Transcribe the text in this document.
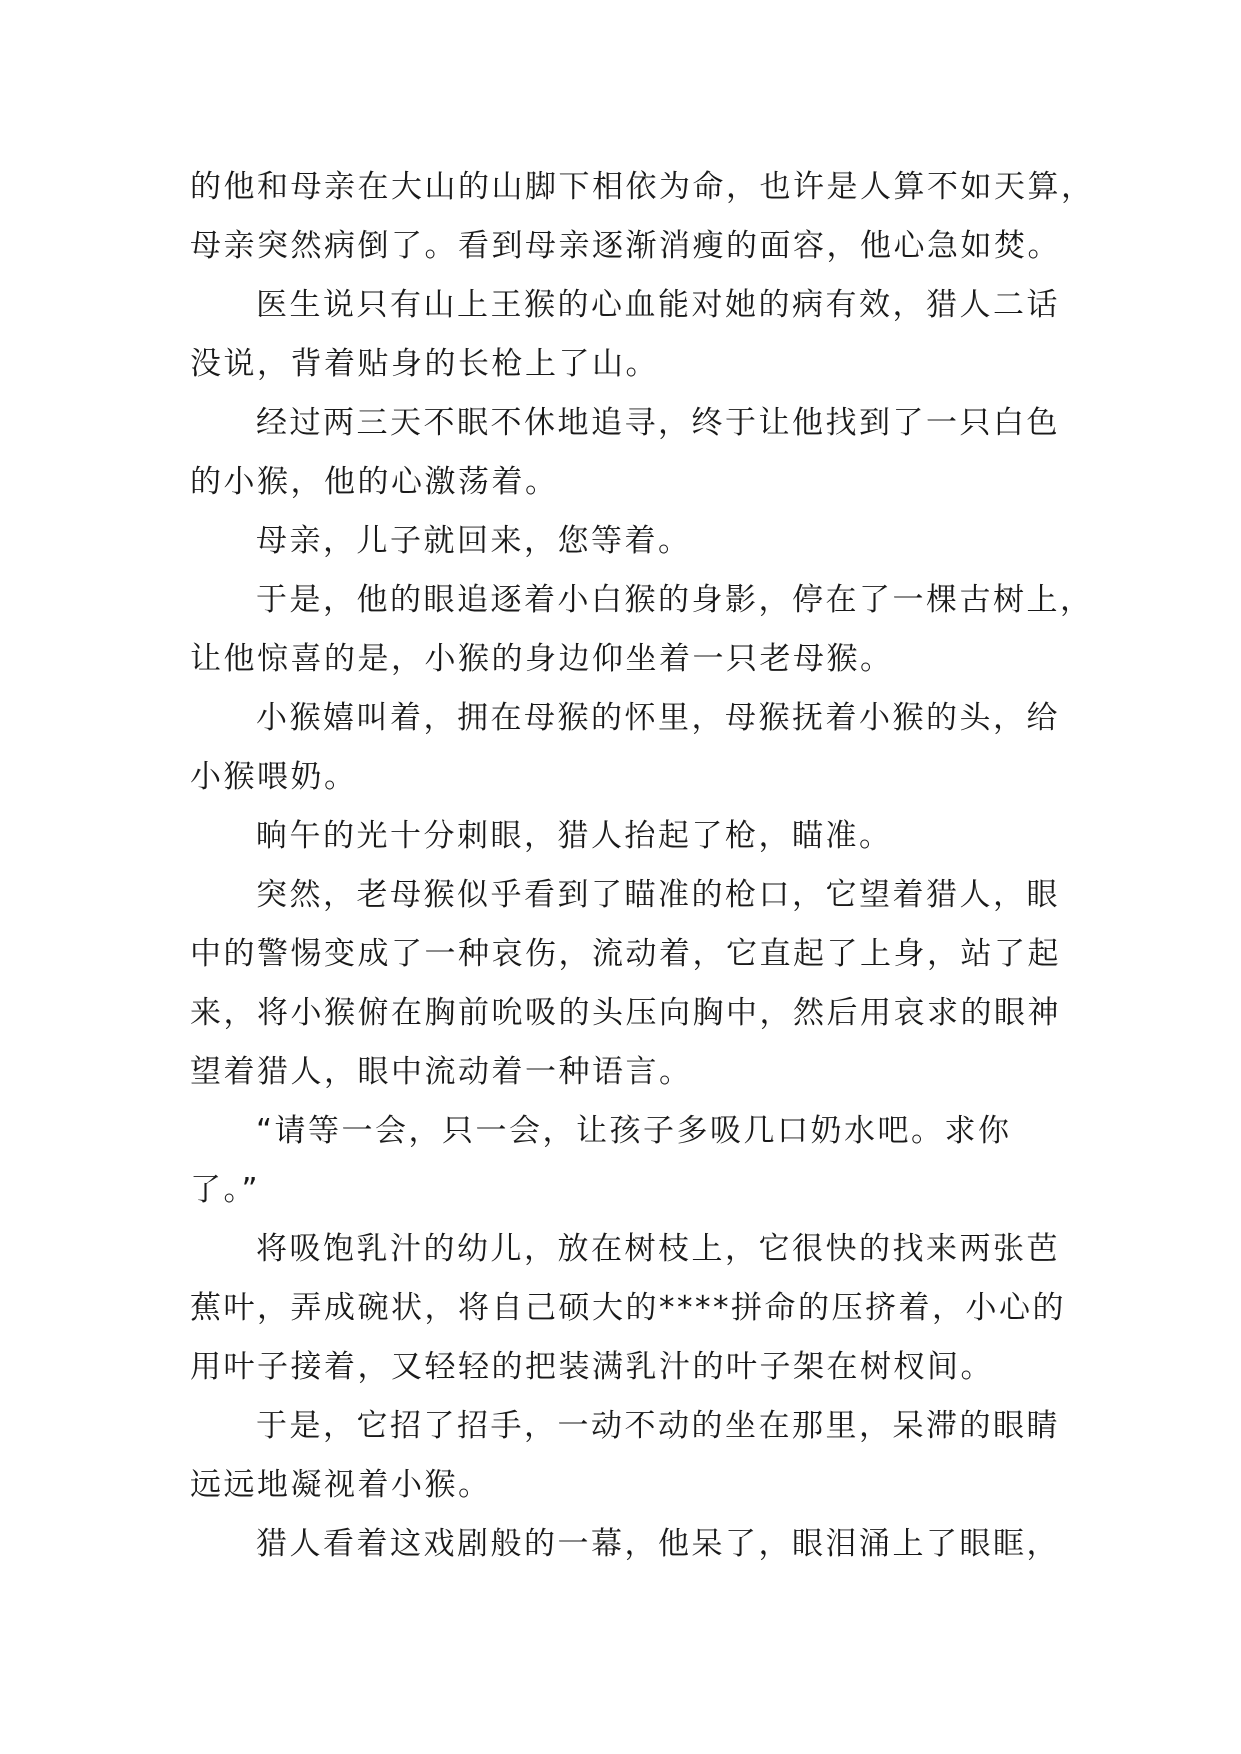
的他和母亲在大山的山脚下相依为命，也许是人算不如天算，
母亲突然病倒了。看到母亲逐渐消瘦的面容，他心急如焚。
医生说只有山上王猴的心血能对她的病有效，猎人二话
没说，背着贴身的长枪上了山。
经过两三天不眠不休地追寻，终于让他找到了一只白色
的小猴，他的心激荡着。
母亲，儿子就回来，您等着。
于是，他的眼追逐着小白猴的身影，停在了一棵古树上，
让他惊喜的是，小猴的身边仰坐着一只老母猴。
小猴嬉叫着，拥在母猴的怀里，母猴抚着小猴的头，给
小猴喂奶。
晌午的光十分刺眼，猎人抬起了枪，瞄准。
突然，老母猴似乎看到了瞄准的枪口，它望着猎人，眼
中的警惕变成了一种哀伤，流动着，它直起了上身，站了起
来，将小猴俯在胸前吮吸的头压向胸中，然后用哀求的眼神
望着猎人，眼中流动着一种语言。
“请等一会，只一会，让孩子多吸几口奶水吧。求你
了。”
将吸饱乳汁的幼儿，放在树枝上，它很快的找来两张芭
蕉叶，弄成碗状，将自己硕大的****拼命的压挤着，小心的
用叶子接着，又轻轻的把装满乳汁的叶子架在树杈间。
于是，它招了招手，一动不动的坐在那里，呆滞的眼睛
远远地凝视着小猴。
猎人看着这戏剧般的一幕，他呆了，眼泪涌上了眼眶，
